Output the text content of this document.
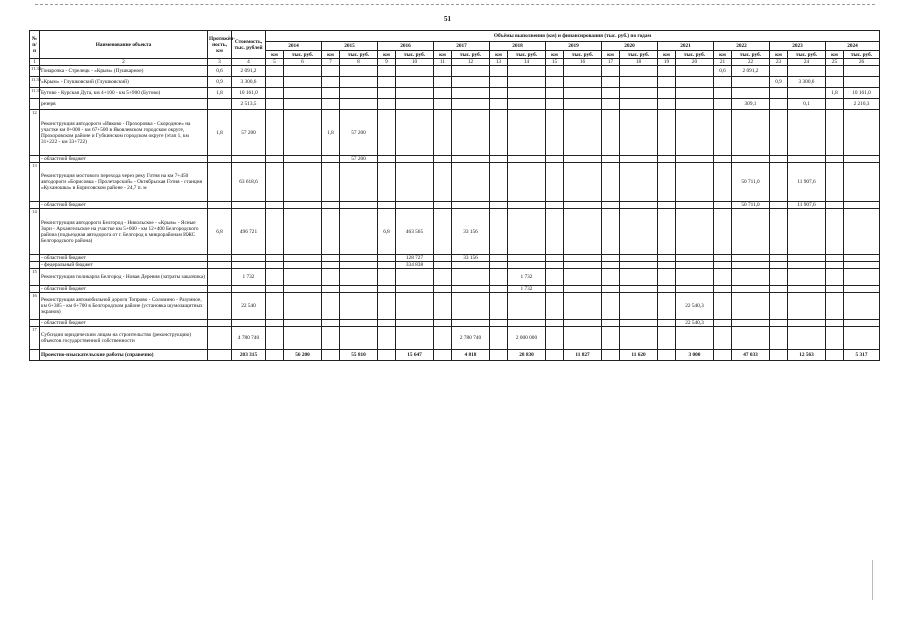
51
№ п/п	Наименование объекта	Протяжён- ность, км	Стоимость, тыс. рублей	Объёмы выполнения (км) и финансирования (тыс. руб.) по годам																					
				2014		2015		2016		2017		2018		2019		2020		2021		2022		2023		2024	
				км	тыс. руб.	км	тыс. руб.	км	тыс. руб.	км	тыс. руб.	км	тыс. руб.	км	тыс. руб.	км	тыс. руб.	км	тыс. руб.	км	тыс. руб.	км	тыс. руб.	км	тыс. руб.
1	2	3	4	5	6	7	8	9	10	11	12	13	14	15	16	17	18	19	20	21	22	23	24	25	26
11.34	Гонарочка - Стрелецк - «Крым» (Пушкарное)	0,6	2 091,2																	0,6	2 091,2				
11.36	«Крым» - Глушковский (Глушковский)	0,9	3 300,6																			0,9	3 300,6		
11.37	Бутово - Курская Дуга, км 4+100 - км 5+900 (Бутово)	1,8	10 161,0																					1,8	10 161,0
	резерв		2 513,5																		309,1		0,1		2 210,3
12	Реконструкция автодороги «Ивково - Прохоровка - Скородное» на участке км 0+000 - км 67+500 в Яковлевском городском округе, Прохоровском районе и Губкинском городском округе (этап 1, км 31+222 - км 33+722)	1,8	57 200			1,8	57 200																		
	- областной бюджет						57 200																		
13	Реконструкция мостового перехода через реку Готня на км 7+450 автодороги «Борисовка - Пролетарский» - Октябрьская Готня - станция «Куханошка» в Борисовском районе - 24,7 п. м		63 618,6																		50 711,0		11 907,6		
	- областной бюджет																				50 711,0		11 907,6		
14	Реконструкция автодороги Белгород - Никольское - «Крым» - Ясные Зори - Архангельское на участке км 5+600 - км 12+400 Белгородского района (подъездная автодорога от г. Белгород к микрорайонам ИЖС Белгородского района)	6,8	496 721					6,8	463 565		33 156														
	- областной бюджет								128 727		33 156														
	- федеральный бюджет								334 838																
15	Реконструкция поликарпа Белгород - Новая Деревня (затраты заказчика)		1 732										1 732												
	- областной бюджет												1 732												
16	Реконструкция автомобильной дороги Топрово - Соломино - Разумное, км 6+385 - км 6+700 в Белгородском районе (установка шумозащитных экранов)		22 540																22 540,3						
	- областной бюджет																		22 540,3						
17	Субсидии юридическим лицам на строительство (реконструкцию) объектов государственной собственности		4 780 740								2 780 740		2 000 000												
	Проектно-изыскательские работы (справочно)		203 315		56 200		55 810		15 647		4 818		28 830		11 827		11 620		3 000		47 033		12 563		5 317
